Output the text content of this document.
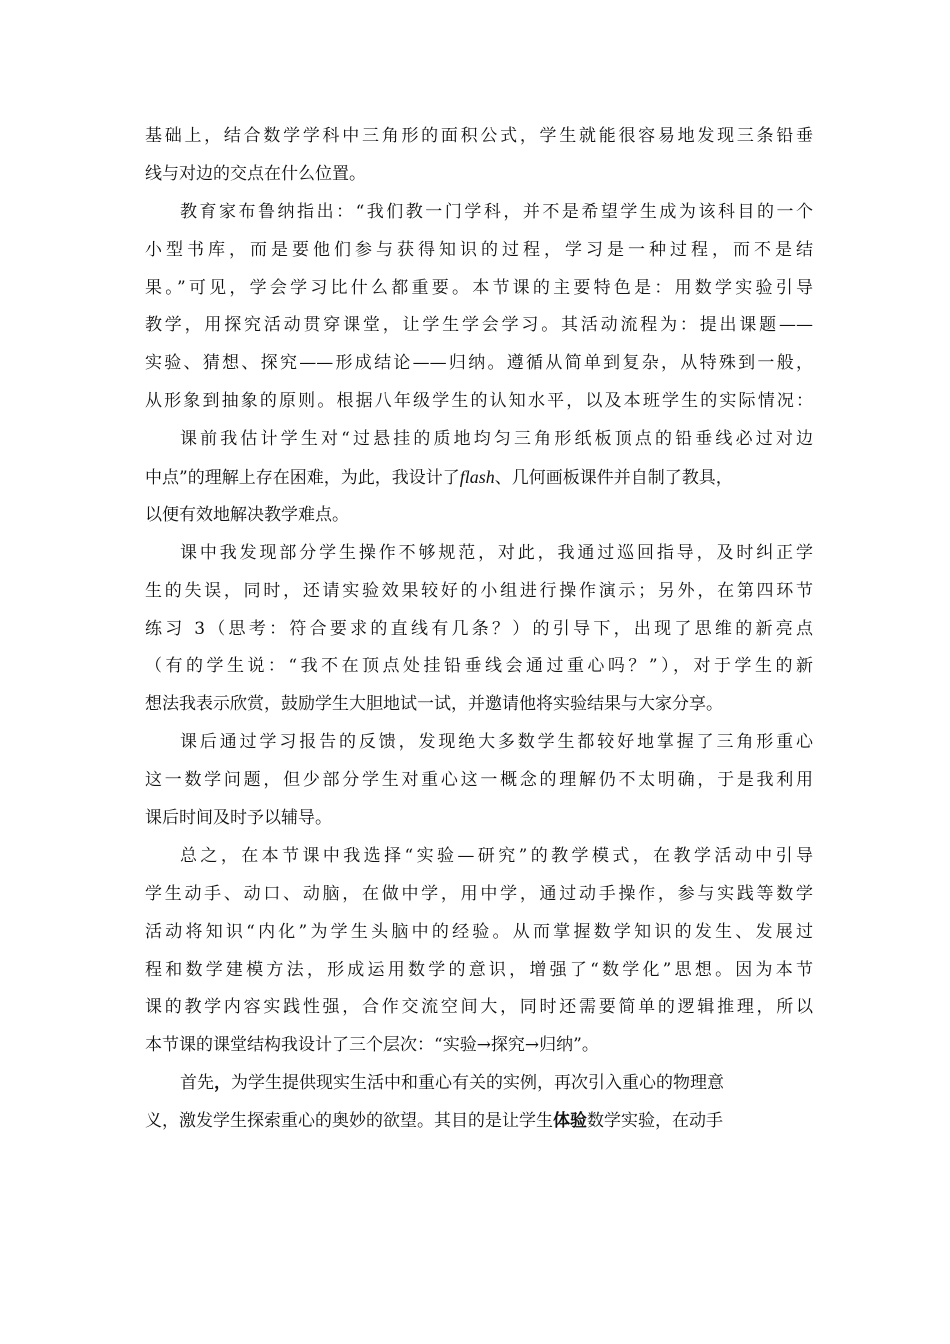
基础上，结合数学学科中三角形的面积公式，学生就能很容易地发现三条铅垂
线与对边的交点在什么位置。
教育家布鲁纳指出：“我们教一门学科，并不是希望学生成为该科目的一个
小型书库，而是要他们参与获得知识的过程，学习是一种过程，而不是结
果。”可见，学会学习比什么都重要。本节课的主要特色是：用数学实验引导
教学，用探究活动贯穿课堂，让学生学会学习。其活动流程为：提出课题——
实验、猜想、探究——形成结论——归纳。遵循从简单到复杂，从特殊到一般，
从形象到抽象的原则。根据八年级学生的认知水平，以及本班学生的实际情况：
课前我估计学生对“过悬挂的质地均匀三角形纸板顶点的铅垂线必过对边
中点”的理解上存在困难，为此，我设计了flash、几何画板课件并自制了教具，
以便有效地解决教学难点。
课中我发现部分学生操作不够规范，对此，我通过巡回指导，及时纠正学
生的失误，同时，还请实验效果较好的小组进行操作演示；另外，在第四环节
练习 3（思考：符合要求的直线有几条？）的引导下，出现了思维的新亮点
（有的学生说：“我不在顶点处挂铅垂线会通过重心吗？”），对于学生的新
想法我表示欣赏，鼓励学生大胆地试一试，并邀请他将实验结果与大家分享。
课后通过学习报告的反馈，发现绝大多数学生都较好地掌握了三角形重心
这一数学问题，但少部分学生对重心这一概念的理解仍不太明确，于是我利用
课后时间及时予以辅导。
总之，在本节课中我选择“实验—研究”的教学模式，在教学活动中引导
学生动手、动口、动脑，在做中学，用中学，通过动手操作，参与实践等数学
活动将知识“内化”为学生头脑中的经验。从而掌握数学知识的发生、发展过
程和数学建模方法，形成运用数学的意识，增强了“数学化”思想。因为本节
课的教学内容实践性强，合作交流空间大，同时还需要简单的逻辑推理，所以
本节课的课堂结构我设计了三个层次：“实验→探究→归纳”。
首先，为学生提供现实生活中和重心有关的实例，再次引入重心的物理意
义，激发学生探索重心的奥妙的欲望。其目的是让学生体验数学实验，在动手
